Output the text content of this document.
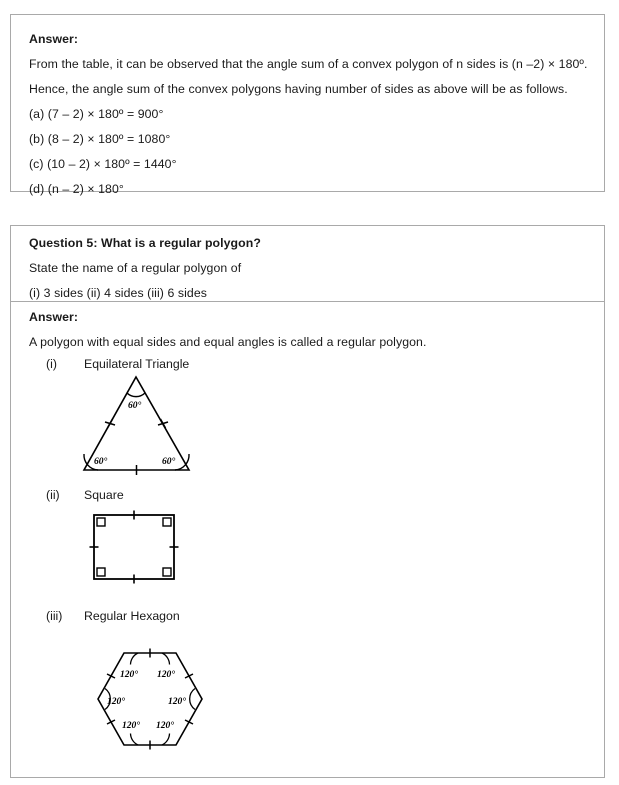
Answer:
From the table, it can be observed that the angle sum of a convex polygon of n sides is (n –2) × 180º.
Hence, the angle sum of the convex polygons having number of sides as above will be as follows.
(a) (7 – 2) × 180º = 900°
(b) (8 – 2) × 180º = 1080°
(c) (10 – 2) × 180º = 1440°
(d) (n – 2) × 180°
Question 5: What is a regular polygon?
State the name of a regular polygon of
(i) 3 sides (ii) 4 sides (iii) 6 sides
Answer:
A polygon with equal sides and equal angles is called a regular polygon.
(i) Equilateral Triangle
60°
60°	60°
(ii) Square
(iii) Regular Hexagon
120° 120°
120°	120°
120° 120°
